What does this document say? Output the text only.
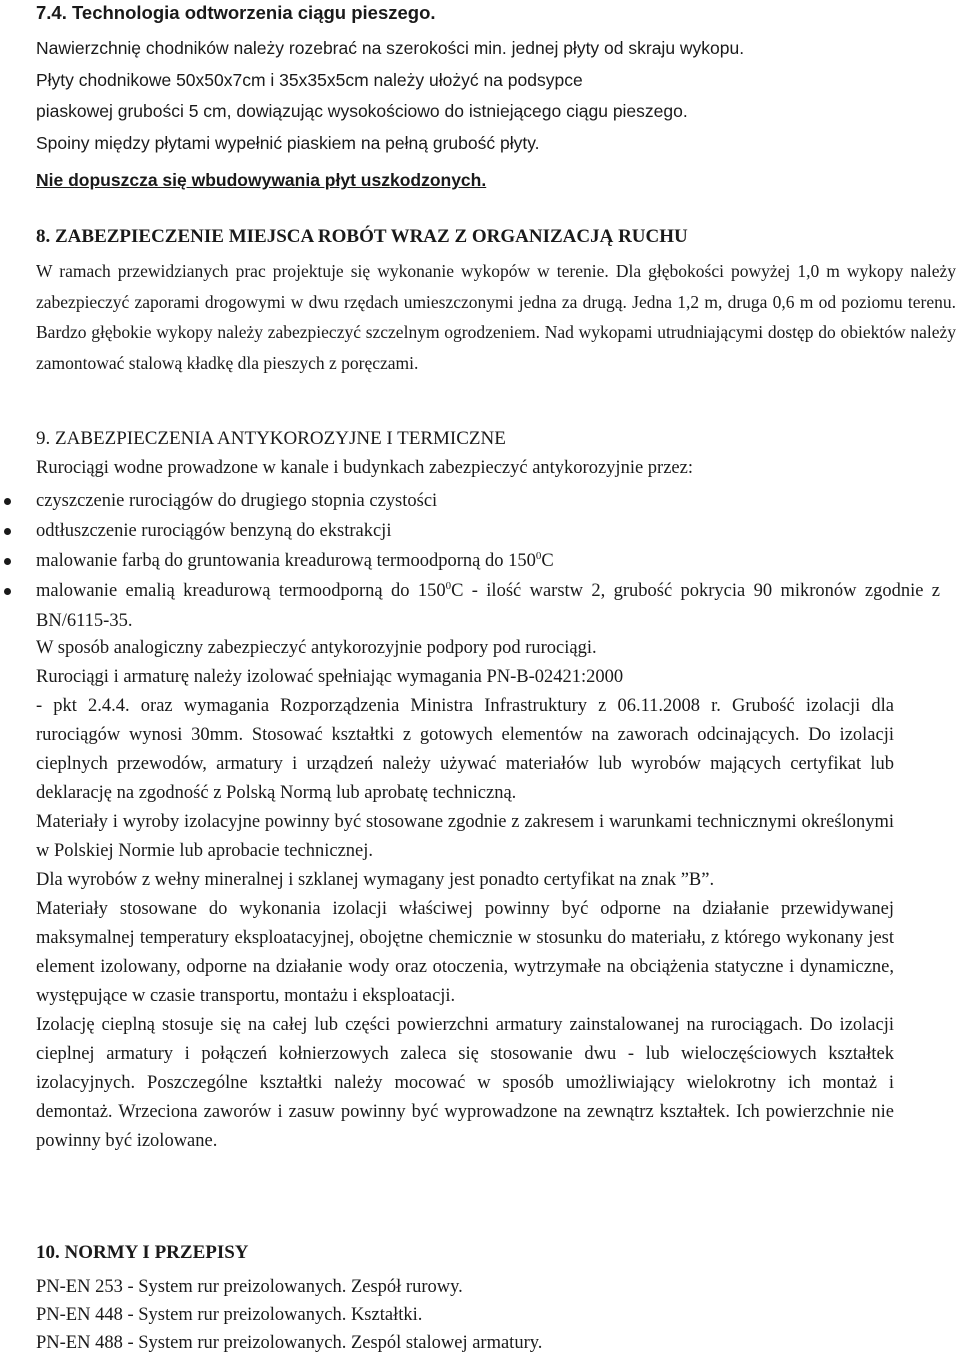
7.4. Technologia odtworzenia ciągu pieszego.

Nawierzchnię chodników należy rozebrać na szerokości min. jednej płyty od skraju wykopu.

Płyty chodnikowe 50x50x7cm i 35x35x5cm należy ułożyć na podsypce

piaskowej grubości 5 cm, dowiązując wysokościowo do istniejącego ciągu pieszego.

Spoiny między płytami wypełnić piaskiem na pełną grubość płyty.

Nie dopuszcza się wbudowywania płyt uszkodzonych.
8. ZABEZPIECZENIE MIEJSCA ROBÓT WRAZ Z ORGANIZACJĄ RUCHU

W ramach przewidzianych prac projektuje się wykonanie wykopów w terenie. Dla głębokości powyżej 1,0 m wykopy należy zabezpieczyć zaporami drogowymi w dwu rzędach umieszczonymi jedna za drugą. Jedna 1,2 m, druga 0,6 m od poziomu terenu. Bardzo głębokie wykopy należy zabezpieczyć szczelnym ogrodzeniem. Nad wykopami utrudniającymi dostęp do obiektów należy zamontować stalową kładkę dla pieszych z poręczami.

9. ZABEZPIECZENIA ANTYKOROZYJNE I TERMICZNE

Rurociągi wodne prowadzone w kanale i budynkach zabezpieczyć antykorozyjnie przez:

czyszczenie rurociągów do drugiego stopnia czystości
odtłuszczenie rurociągów benzyną do ekstrakcji
malowanie farbą do gruntowania kreadurową termoodporną do $150^0C$
malowanie emalią kreadurową termoodporną do $150^0C$ - ilość warstw 2, grubość pokrycia 90 mikronów zgodnie z BN/6115-35.

W sposób analogiczny zabezpieczyć antykorozyjnie podpory pod rurociągi.

Rurociągi i armaturę należy izolować spełniając wymagania PN-B-02421:2000

- pkt 2.4.4. oraz wymagania Rozporządzenia Ministra Infrastruktury z 06.11.2008 r. Grubość izolacji dla rurociągów wynosi 30mm. Stosować kształtki z gotowych elementów na zaworach odcinających. Do izolacji cieplnych przewodów, armatury i urządzeń należy używać materiałów lub wyrobów mających certyfikat lub deklarację na zgodność z Polską Normą lub aprobatę techniczną.

Materiały i wyroby izolacyjne powinny być stosowane zgodnie z zakresem i warunkami technicznymi określonymi w Polskiej Normie lub aprobacie technicznej.

Dla wyrobów z wełny mineralnej i szklanej wymagany jest ponadto certyfikat na znak ”B”.

Materiały stosowane do wykonania izolacji właściwej powinny być odporne na działanie przewidywanej maksymalnej temperatury eksploatacyjnej, obojętne chemicznie w stosunku do materiału, z którego wykonany jest element izolowany, odporne na działanie wody oraz otoczenia, wytrzymałe na obciążenia statyczne i dynamiczne, występujące w czasie transportu, montażu i eksploatacji.

Izolację cieplną stosuje się na całej lub części powierzchni armatury zainstalowanej na rurociągach. Do izolacji cieplnej armatury i połączeń kołnierzowych zaleca się stosowanie dwu - lub wieloczęściowych kształtek izolacyjnych. Poszczególne kształtki należy mocować w sposób umożliwiający wielokrotny ich montaż i demontaż. Wrzeciona zaworów i zasuw powinny być wyprowadzone na zewnątrz kształtek. Ich powierzchnie nie powinny być izolowane.

10. NORMY I PRZEPISY
PN-EN 253 - System rur preizolowanych. Zespół rurowy.
PN-EN 448 - System rur preizolowanych. Kształtki.
PN-EN 488 - System rur preizolowanych. Zespól stalowej armatury.
